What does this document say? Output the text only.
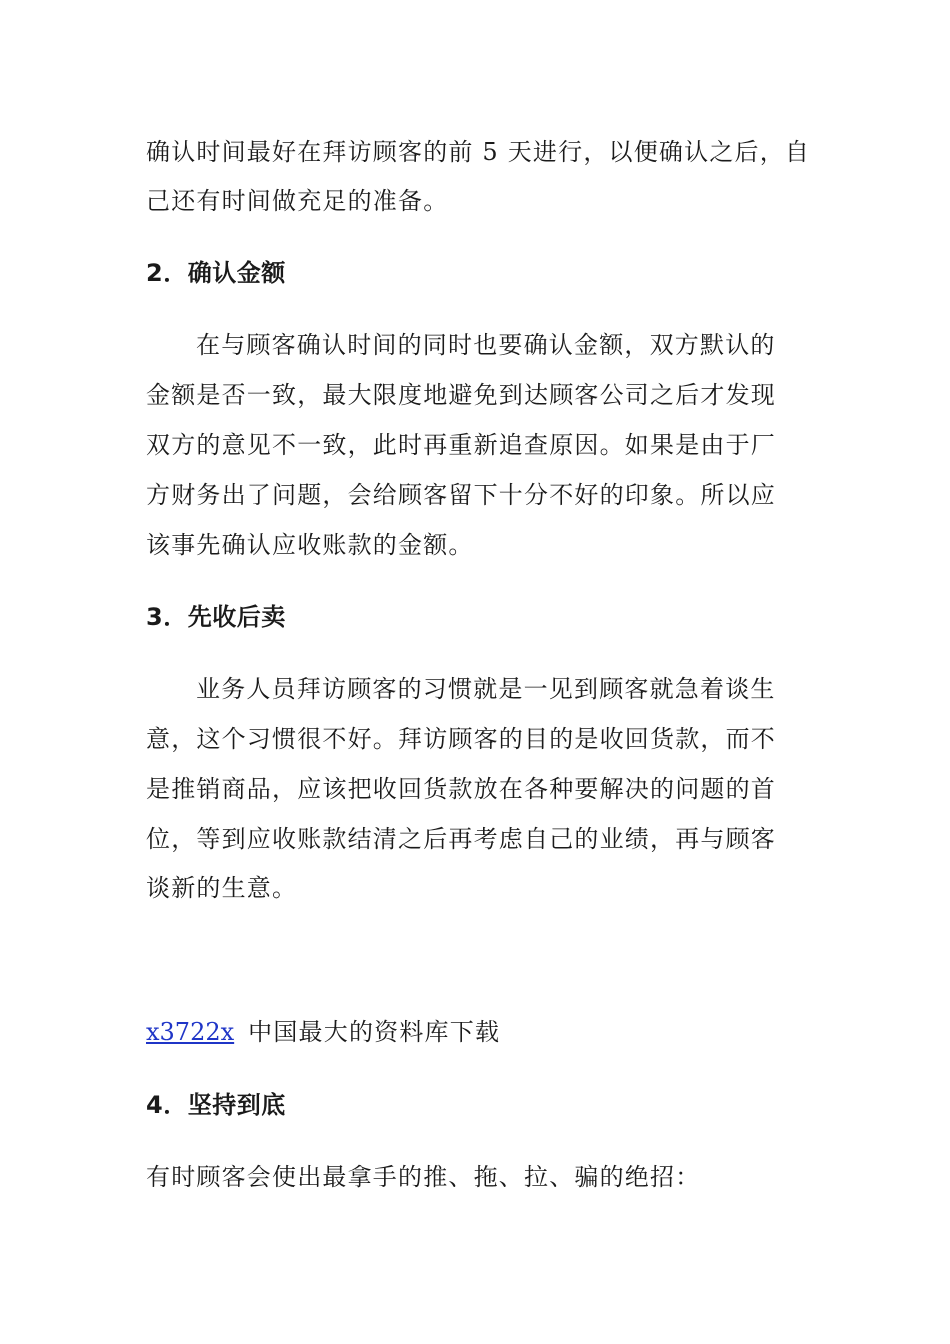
确认时间最好在拜访顾客的前 5 天进行，以便确认之后，自
己还有时间做充足的准备。
2．确认金额
在与顾客确认时间的同时也要确认金额，双方默认的
金额是否一致，最大限度地避免到达顾客公司之后才发现
双方的意见不一致，此时再重新追查原因。如果是由于厂
方财务出了问题，会给顾客留下十分不好的印象。所以应
该事先确认应收账款的金额。
3．先收后卖
业务人员拜访顾客的习惯就是一见到顾客就急着谈生
意，这个习惯很不好。拜访顾客的目的是收回货款，而不
是推销商品，应该把收回货款放在各种要解决的问题的首
位，等到应收账款结清之后再考虑自己的业绩，再与顾客
谈新的生意。
x3722x 中国最大的资料库下载
4．坚持到底
有时顾客会使出最拿手的推、拖、拉、骗的绝招：
